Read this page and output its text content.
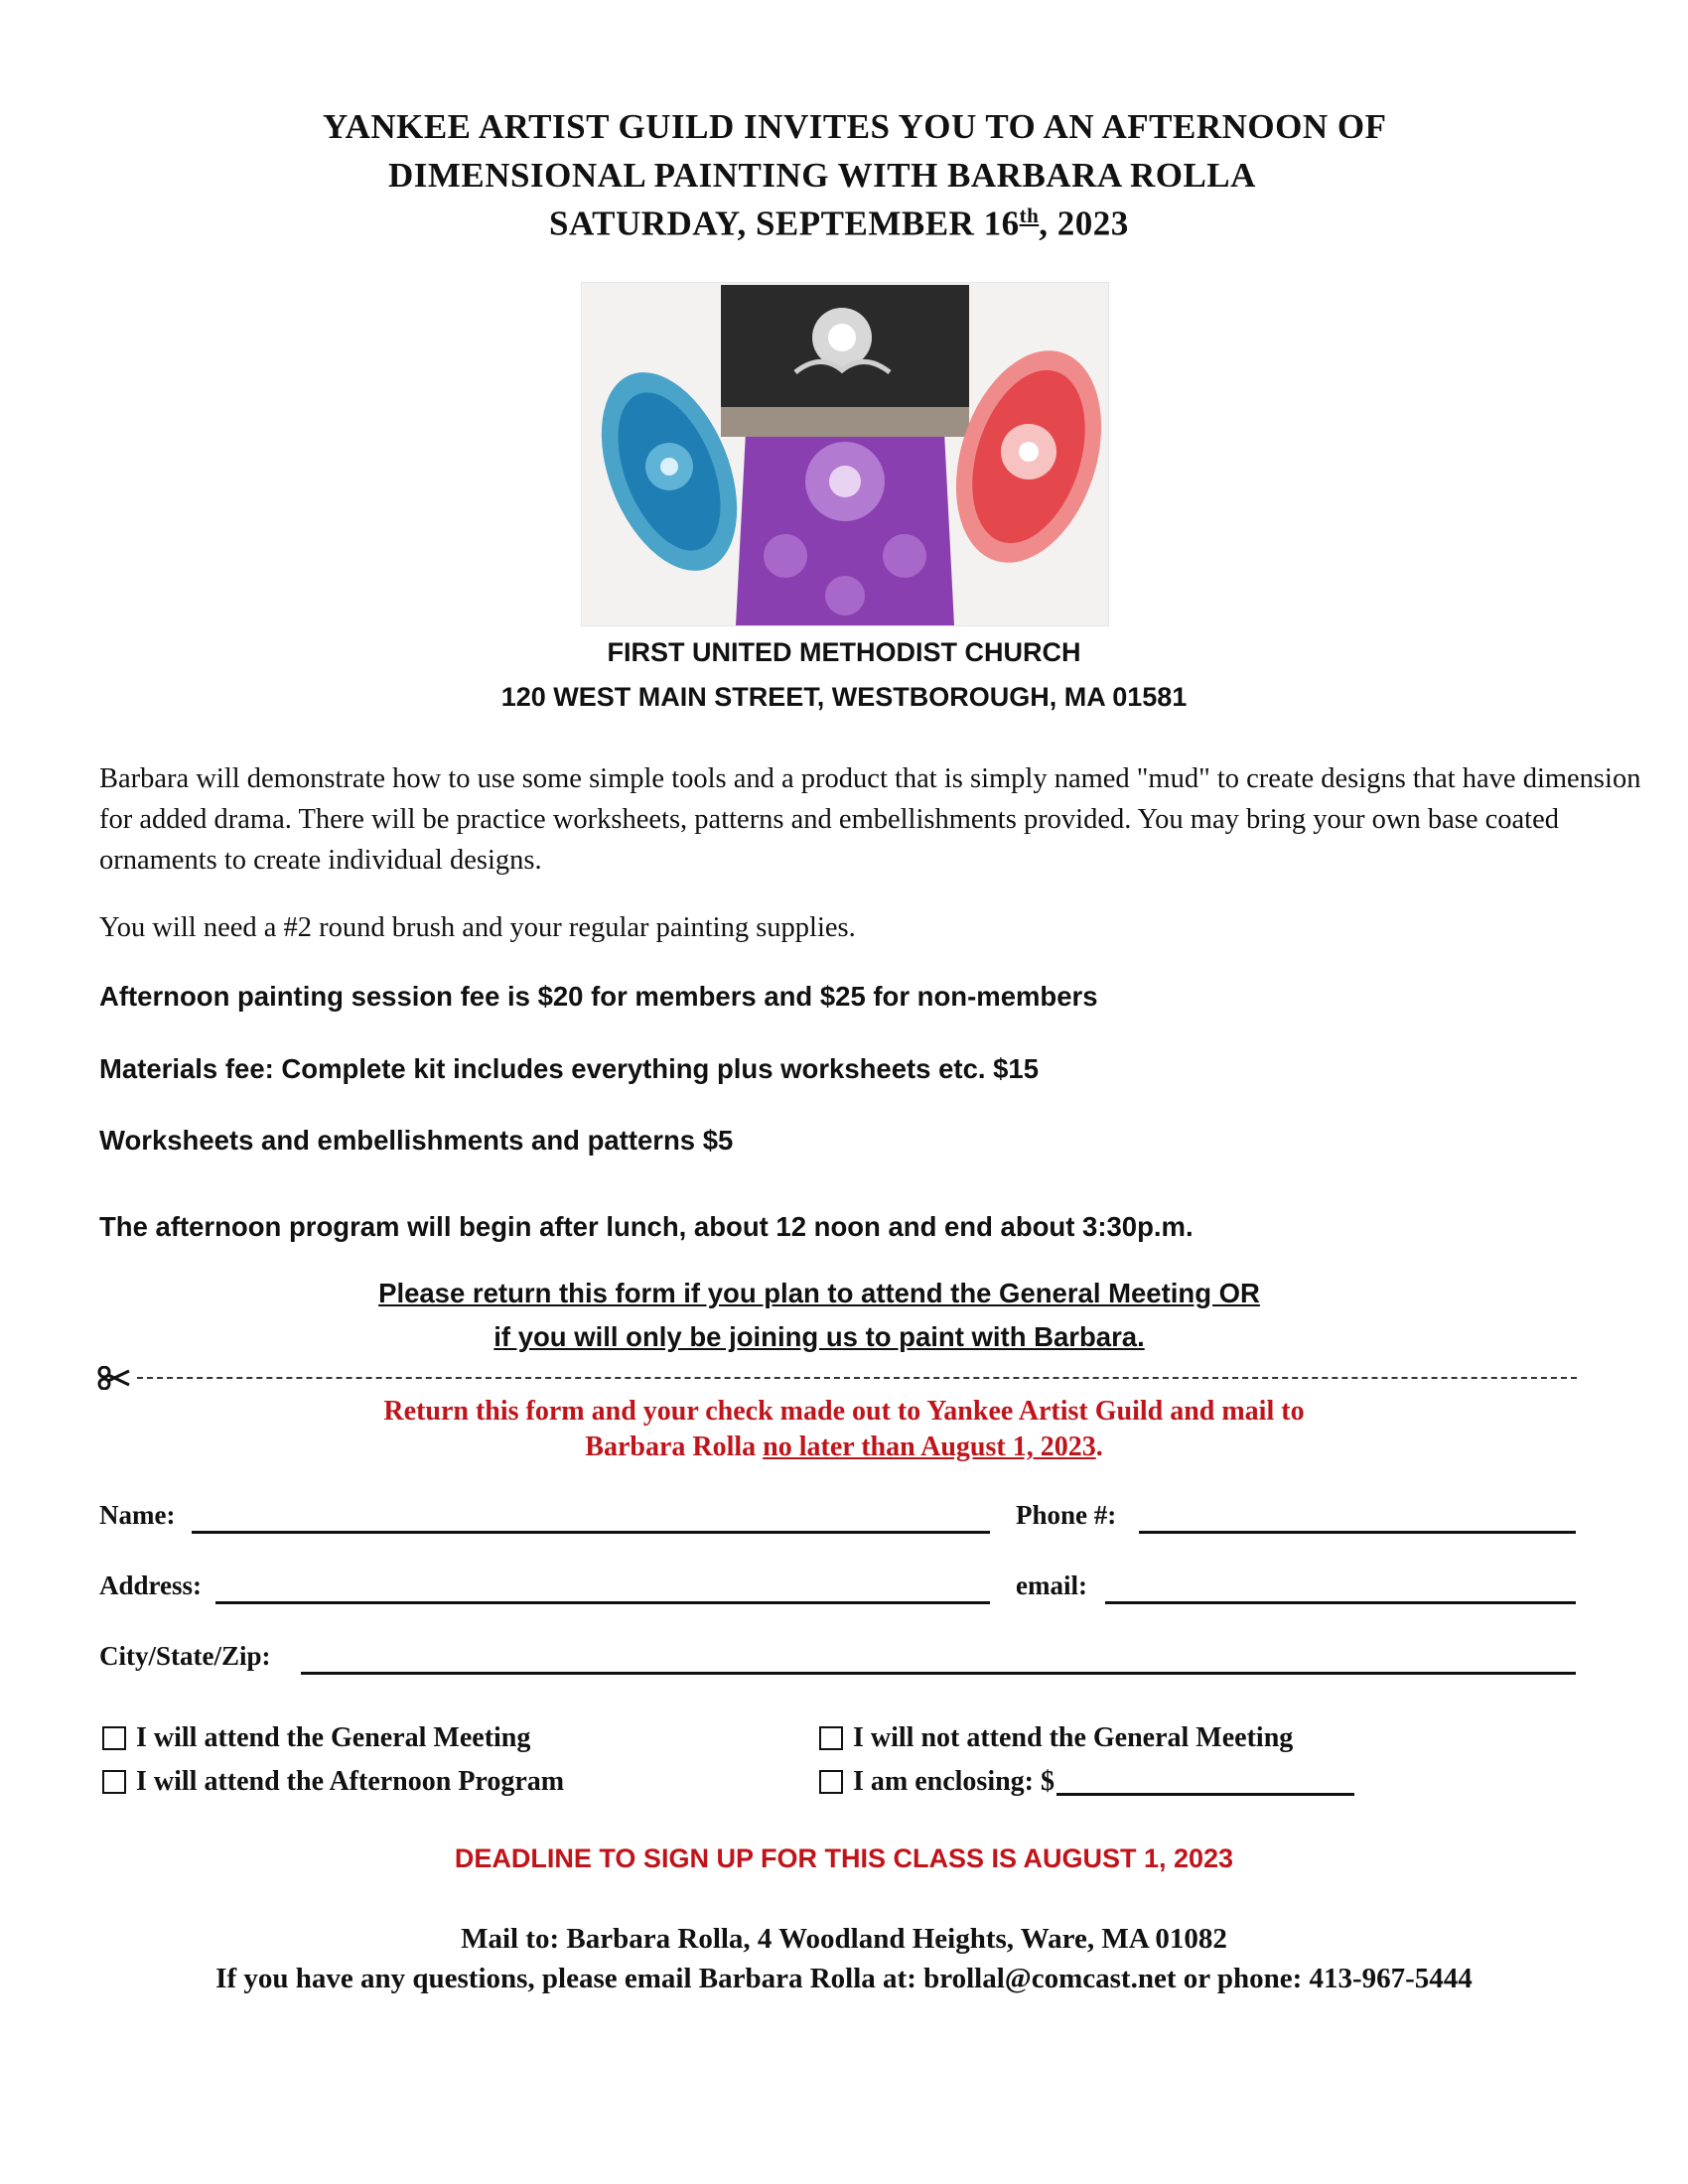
YANKEE ARTIST GUILD INVITES YOU TO AN AFTERNOON OF
DIMENSIONAL PAINTING WITH BARBARA ROLLA
SATURDAY, SEPTEMBER 16th, 2023
FIRST UNITED METHODIST CHURCH
120 WEST MAIN STREET, WESTBOROUGH, MA 01581
Barbara will demonstrate how to use some simple tools and a product that is simply named "mud" to create designs that have dimension for added drama. There will be practice worksheets, patterns and embellishments provided. You may bring your own base coated ornaments to create individual designs.
You will need a #2 round brush and your regular painting supplies.
Afternoon painting session fee is $20 for members and $25 for non-members
Materials fee: Complete kit includes everything plus worksheets etc. $15
Worksheets and embellishments and patterns $5
The afternoon program will begin after lunch, about 12 noon and end about 3:30p.m.
Please return this form if you plan to attend the General Meeting OR
if you will only be joining us to paint with Barbara.
Return this form and your check made out to Yankee Artist Guild and mail to
Barbara Rolla no later than August 1, 2023.
Name:	Phone #:
Address:	email:
City/State/Zip:
I will attend the General Meeting	I will not attend the General Meeting
I will attend the Afternoon Program	I am enclosing: $
DEADLINE TO SIGN UP FOR THIS CLASS IS AUGUST 1, 2023
Mail to: Barbara Rolla, 4 Woodland Heights, Ware, MA 01082
If you have any questions, please email Barbara Rolla at: brollal@comcast.net or phone: 413-967-5444
